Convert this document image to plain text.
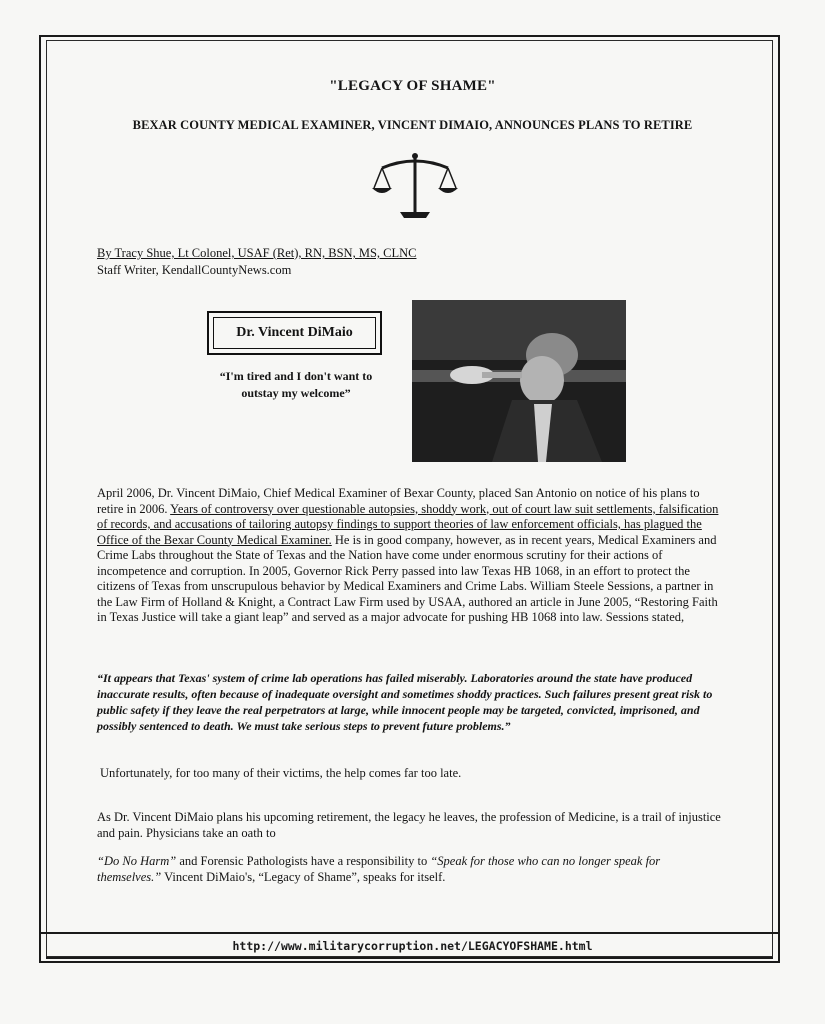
"LEGACY OF SHAME"
BEXAR COUNTY MEDICAL EXAMINER, VINCENT DIMAIO, ANNOUNCES PLANS TO RETIRE
By Tracy Shue, Lt Colonel, USAF (Ret), RN, BSN, MS, CLNC
Staff Writer, KendallCountyNews.com
Dr. Vincent DiMaio
“I'm tired and I don't want to
outstay my welcome”
April 2006, Dr. Vincent DiMaio, Chief Medical Examiner of Bexar County, placed San Antonio on notice of his plans to retire in 2006. Years of controversy over questionable autopsies, shoddy work, out of court law suit settlements, falsification of records, and accusations of tailoring autopsy findings to support theories of law enforcement officials, has plagued the Office of the Bexar County Medical Examiner. He is in good company, however, as in recent years, Medical Examiners and Crime Labs throughout the State of Texas and the Nation have come under enormous scrutiny for their actions of incompetence and corruption. In 2005, Governor Rick Perry passed into law Texas HB 1068, in an effort to protect the citizens of Texas from unscrupulous behavior by Medical Examiners and Crime Labs. William Steele Sessions, a partner in the Law Firm of Holland & Knight, a Contract Law Firm used by USAA, authored an article in June 2005, “Restoring Faith in Texas Justice will take a giant leap” and served as a major advocate for pushing HB 1068 into law. Sessions stated,
“It appears that Texas' system of crime lab operations has failed miserably. Laboratories around the state have produced inaccurate results, often because of inadequate oversight and sometimes shoddy practices. Such failures present great risk to public safety if they leave the real perpetrators at large, while innocent people may be targeted, convicted, imprisoned, and possibly sentenced to death. We must take serious steps to prevent future problems.”
Unfortunately, for too many of their victims, the help comes far too late.
As Dr. Vincent DiMaio plans his upcoming retirement, the legacy he leaves, the profession of Medicine, is a trail of injustice and pain. Physicians take an oath to
“Do No Harm” and Forensic Pathologists have a responsibility to “Speak for those who can no longer speak for themselves.” Vincent DiMaio's, “Legacy of Shame”, speaks for itself.
http://www.militarycorruption.net/LEGACYOFSHAME.html
